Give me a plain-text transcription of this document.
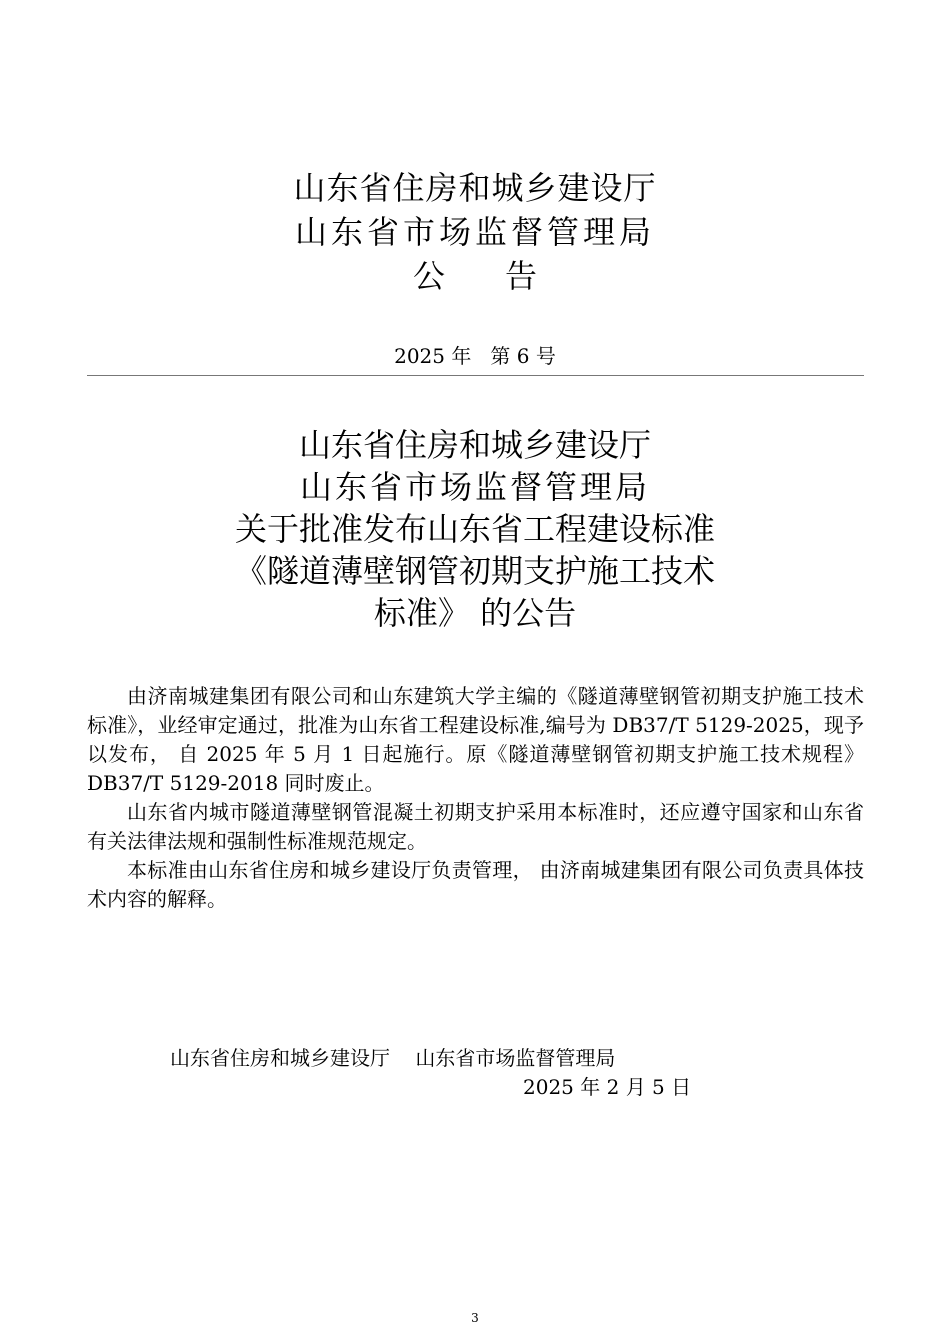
山东省住房和城乡建设厅
山东省市场监督管理局
公告
2025 年   第 6 号
山东省住房和城乡建设厅
山东省市场监督管理局
关于批准发布山东省工程建设标准
《隧道薄壁钢管初期支护施工技术
标准》 的公告

由济南城建集团有限公司和山东建筑大学主编的《隧道薄壁钢管初期支护施工技术标准》，业经审定通过，批准为山东省工程建设标准,编号为 DB37/T 5129-2025，现予以发布， 自 2025 年 5 月 1 日起施行。原《隧道薄壁钢管初期支护施工技术规程》DB37/T 5129-2018 同时废止。

山东省内城市隧道薄壁钢管混凝土初期支护采用本标准时，还应遵守国家和山东省有关法律法规和强制性标准规范规定。

本标准由山东省住房和城乡建设厅负责管理， 由济南城建集团有限公司负责具体技术内容的解释。

山东省住房和城乡建设厅    山东省市场监督管理局
2025 年 2 月 5 日
3
